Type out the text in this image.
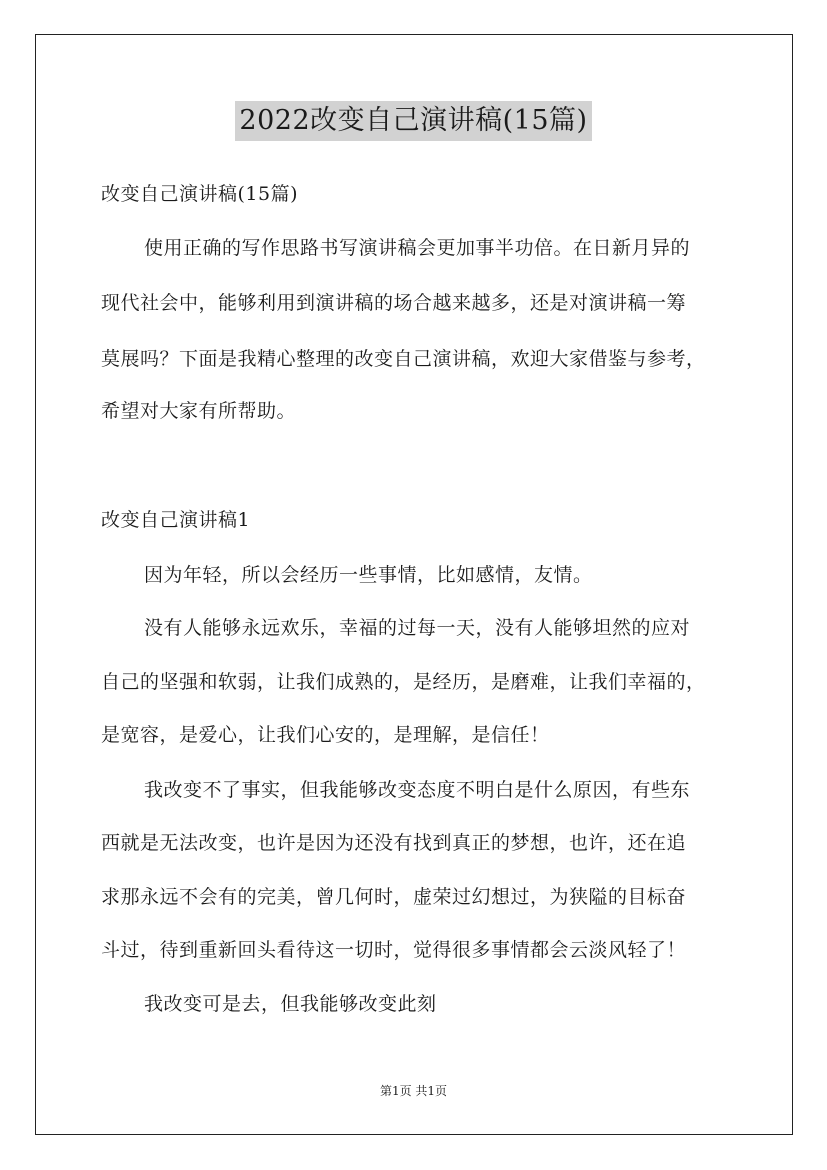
2022改变自己演讲稿(15篇)
改变自己演讲稿(15篇)
使用正确的写作思路书写演讲稿会更加事半功倍。在日新月异的
现代社会中，能够利用到演讲稿的场合越来越多，还是对演讲稿一筹
莫展吗？下面是我精心整理的改变自己演讲稿，欢迎大家借鉴与参考，
希望对大家有所帮助。
改变自己演讲稿1
因为年轻，所以会经历一些事情，比如感情，友情。
没有人能够永远欢乐，幸福的过每一天，没有人能够坦然的应对
自己的坚强和软弱，让我们成熟的，是经历，是磨难，让我们幸福的，
是宽容，是爱心，让我们心安的，是理解，是信任！
我改变不了事实，但我能够改变态度不明白是什么原因，有些东
西就是无法改变，也许是因为还没有找到真正的梦想，也许，还在追
求那永远不会有的完美，曾几何时，虚荣过幻想过，为狭隘的目标奋
斗过，待到重新回头看待这一切时，觉得很多事情都会云淡风轻了！
我改变可是去，但我能够改变此刻
第1页 共1页
